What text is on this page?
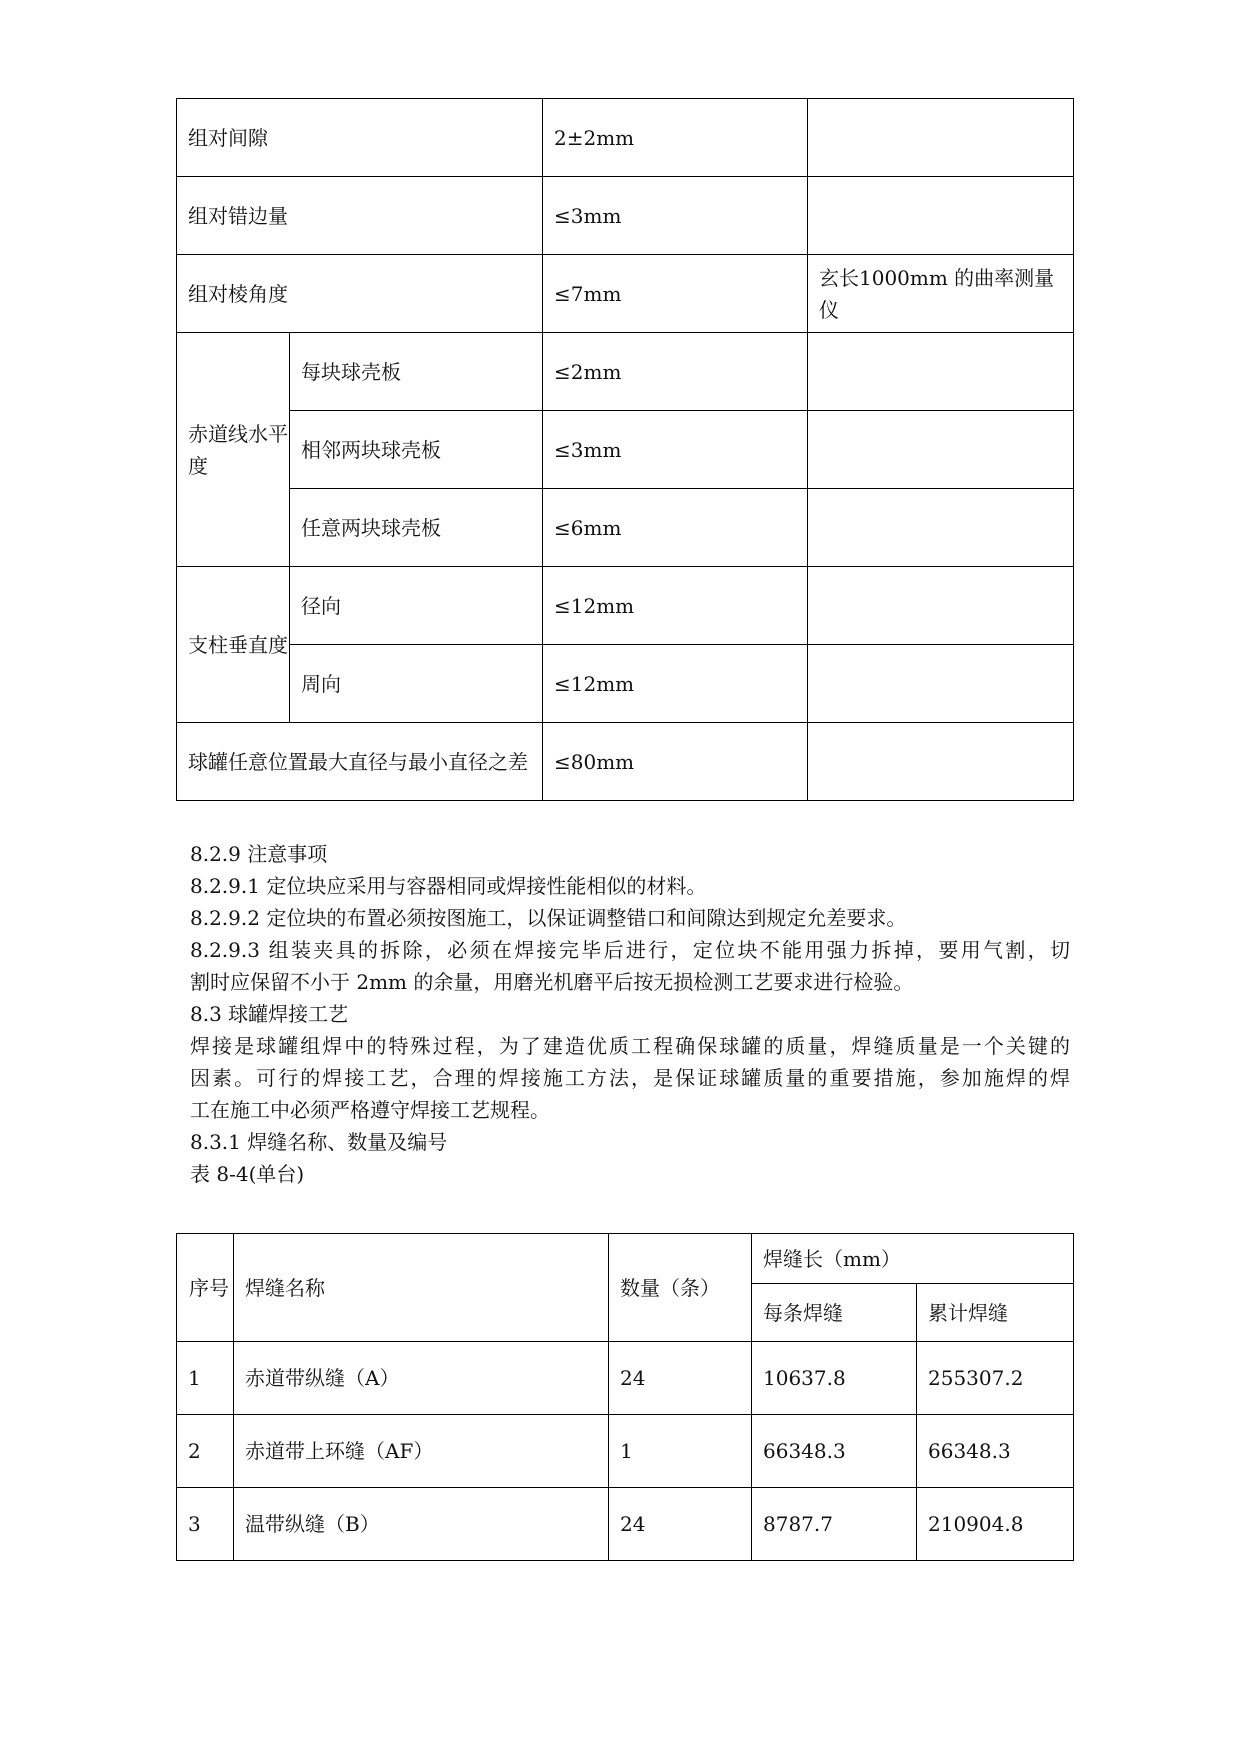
组对间隙		2±2mm	
组对错边量		≤3mm	
组对棱角度		≤7mm	玄长1000mm 的曲率测量仪
赤道线水平度	每块球壳板	≤2mm	
	相邻两块球壳板	≤3mm	
	任意两块球壳板	≤6mm	
支柱垂直度	径向	≤12mm	
	周向	≤12mm	
球罐任意位置最大直径与最小直径之差		≤80mm	
8.2.9 注意事项
8.2.9.1 定位块应采用与容器相同或焊接性能相似的材料。
8.2.9.2 定位块的布置必须按图施工，以保证调整错口和间隙达到规定允差要求。
8.2.9.3 组装夹具的拆除，必须在焊接完毕后进行，定位块不能用强力拆掉，要用气割，切
割时应保留不小于 2mm 的余量，用磨光机磨平后按无损检测工艺要求进行检验。
8.3 球罐焊接工艺
焊接是球罐组焊中的特殊过程，为了建造优质工程确保球罐的质量，焊缝质量是一个关键的
因素。可行的焊接工艺，合理的焊接施工方法，是保证球罐质量的重要措施，参加施焊的焊
工在施工中必须严格遵守焊接工艺规程。
8.3.1 焊缝名称、数量及编号
表 8-4(单台)
序号	焊缝名称	数量（条）	焊缝长（mm）	
			每条焊缝	累计焊缝
1	赤道带纵缝（A）	24	10637.8	255307.2
2	赤道带上环缝（AF）	1	66348.3	66348.3
3	温带纵缝（B）	24	8787.7	210904.8
